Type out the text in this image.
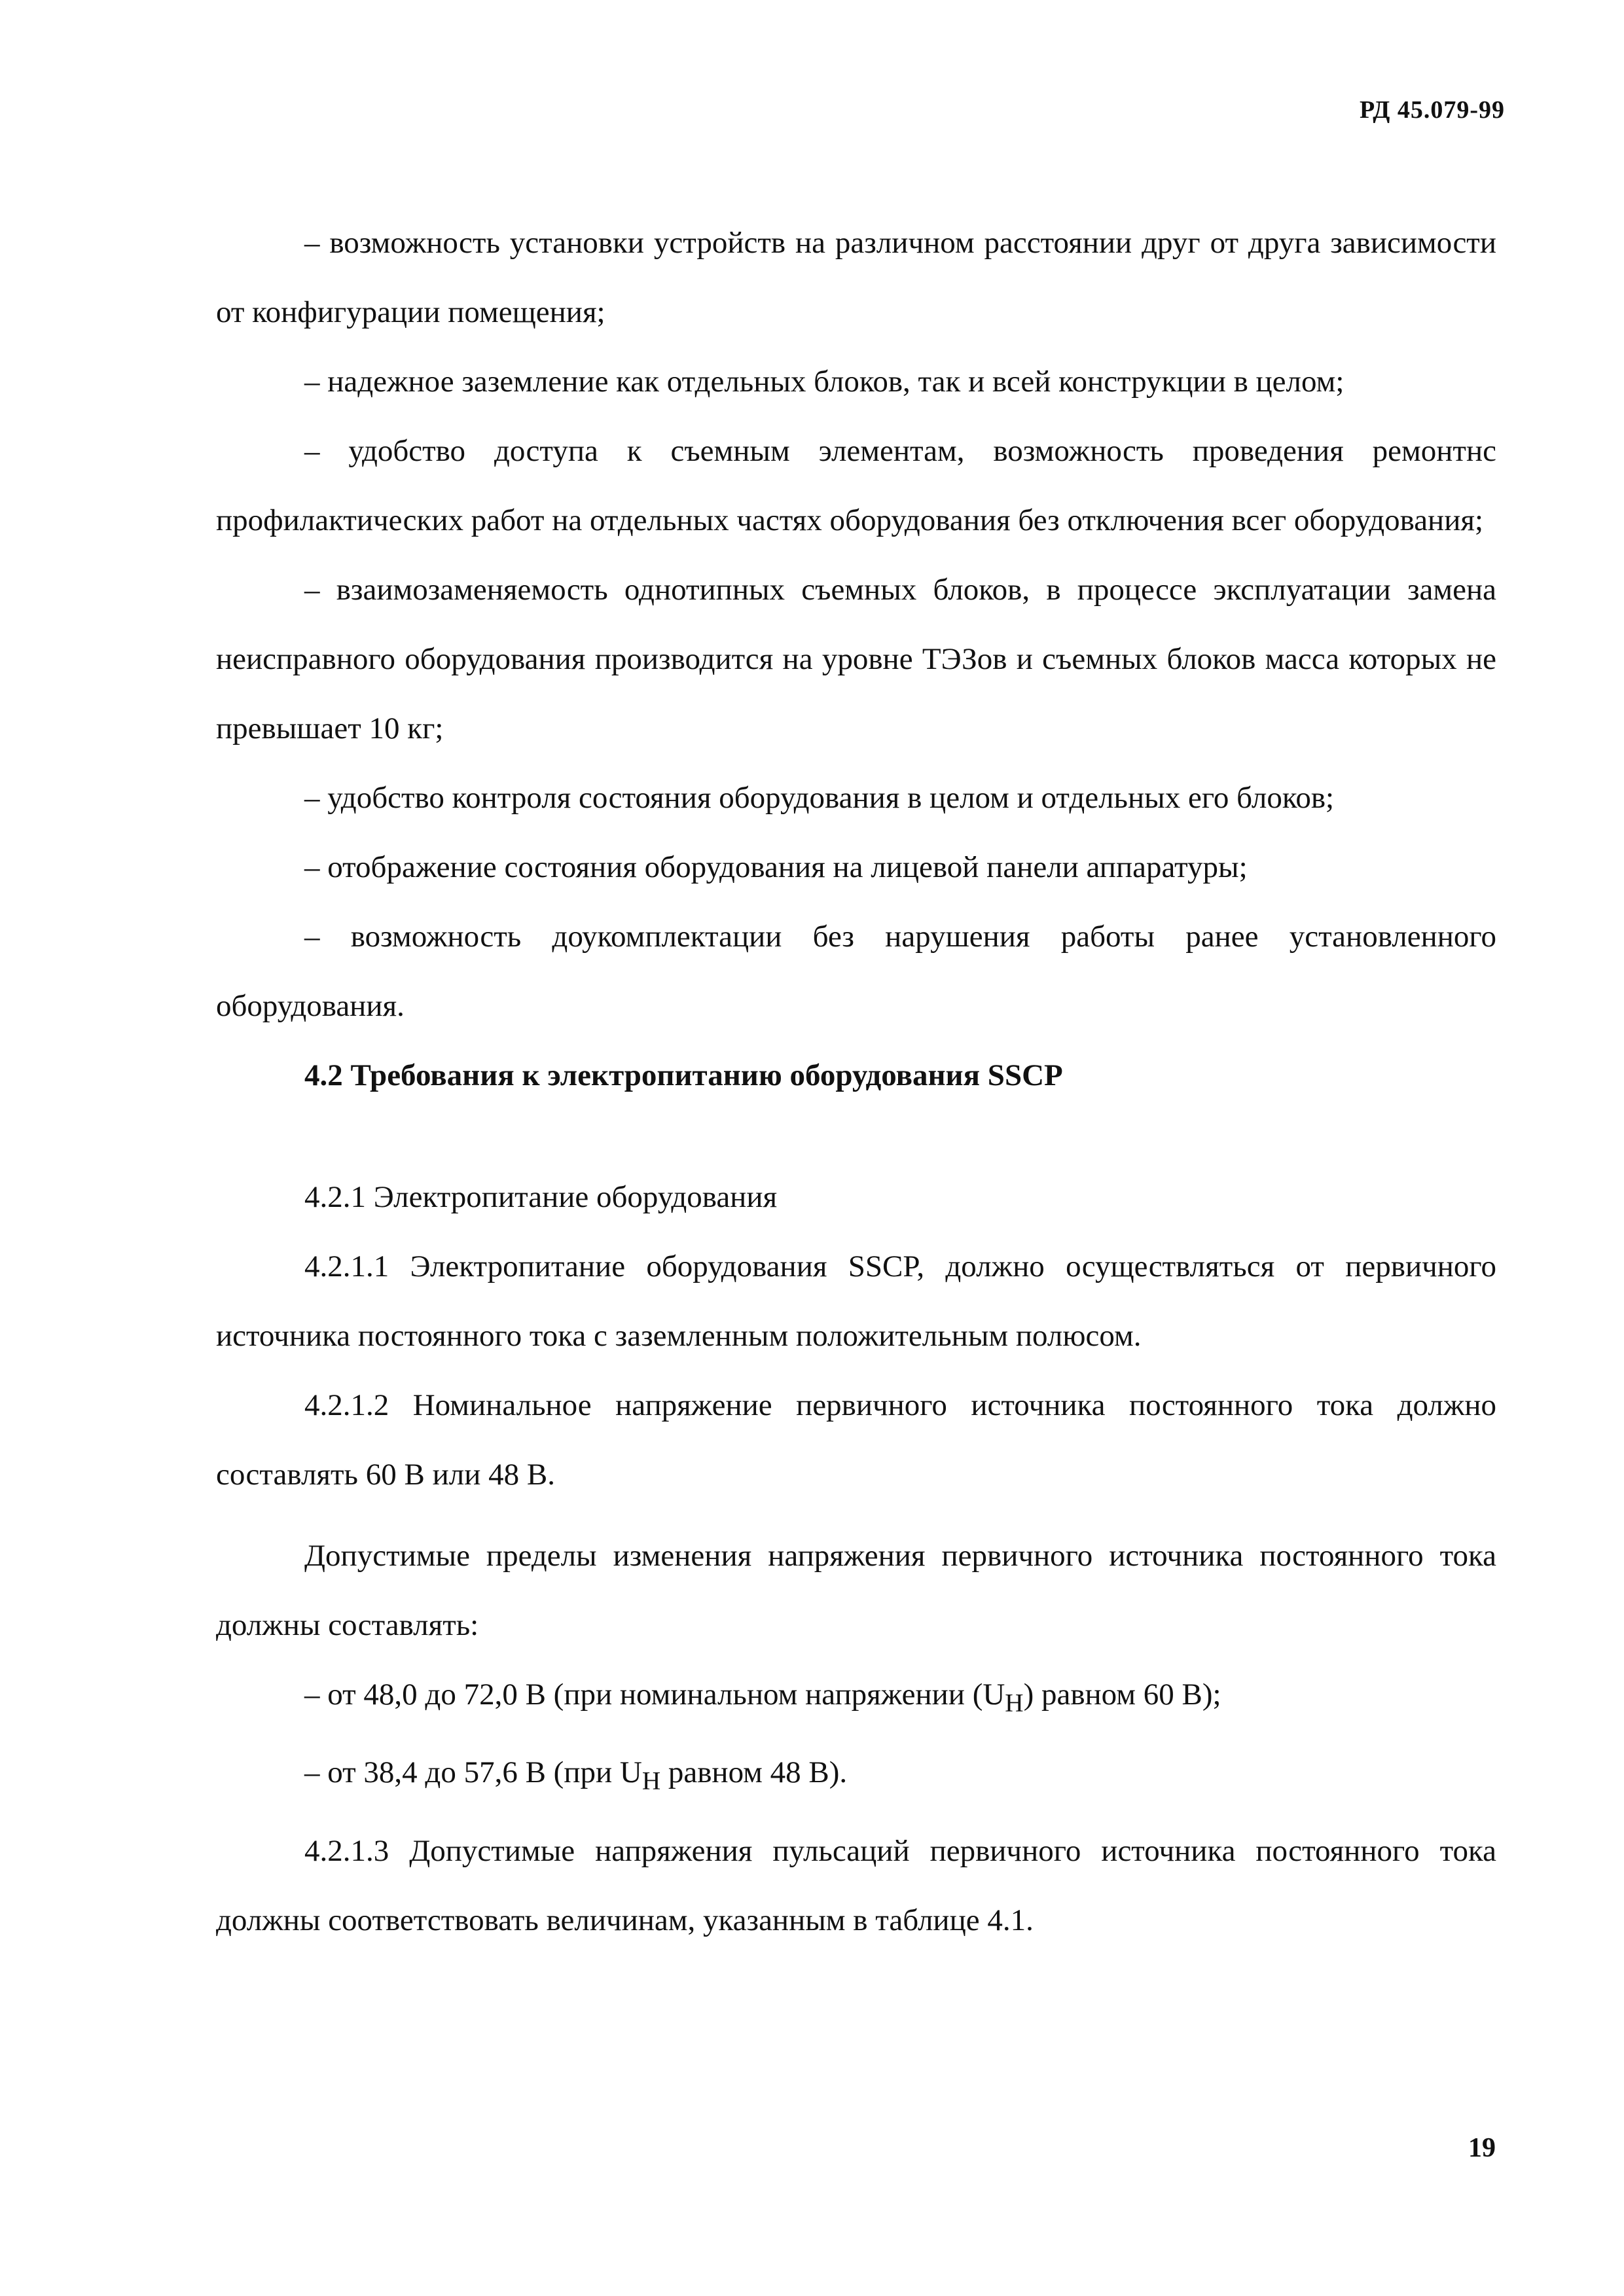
РД 45.079-99

– возможность установки устройств на различном расстоянии друг от друга зависимости от конфигурации помещения;

– надежное заземление как отдельных блоков, так и всей конструкции в целом;

– удобство доступа к съемным элементам, возможность проведения ремонтнс профилактических работ на отдельных частях оборудования без отключения всег оборудования;

– взаимозаменяемость однотипных съемных блоков, в процессе эксплуатации замена неисправного оборудования производится на уровне ТЭЗов и съемных блоков масса которых не превышает 10 кг;

– удобство контроля состояния оборудования в целом и отдельных его блоков;

– отображение состояния оборудования на лицевой панели аппаратуры;

– возможность доукомплектации без нарушения работы ранее установленного оборудования.

4.2 Требования к электропитанию оборудования SSCP

4.2.1 Электропитание оборудования

4.2.1.1 Электропитание оборудования SSCP, должно осуществляться от первичного источника постоянного тока с заземленным положительным полюсом.

4.2.1.2 Номинальное напряжение первичного источника постоянного тока должно составлять 60 В или 48 В.

Допустимые пределы изменения напряжения первичного источника постоянного тока должны составлять:

– от 48,0 до 72,0 В (при номинальном напряжении $(U_Н)$ равном 60 В);

– от 38,4 до 57,6 В (при $U_Н$ равном 48 В).

4.2.1.3 Допустимые напряжения пульсаций первичного источника постоянного тока должны соответствовать величинам, указанным в таблице 4.1.

19
